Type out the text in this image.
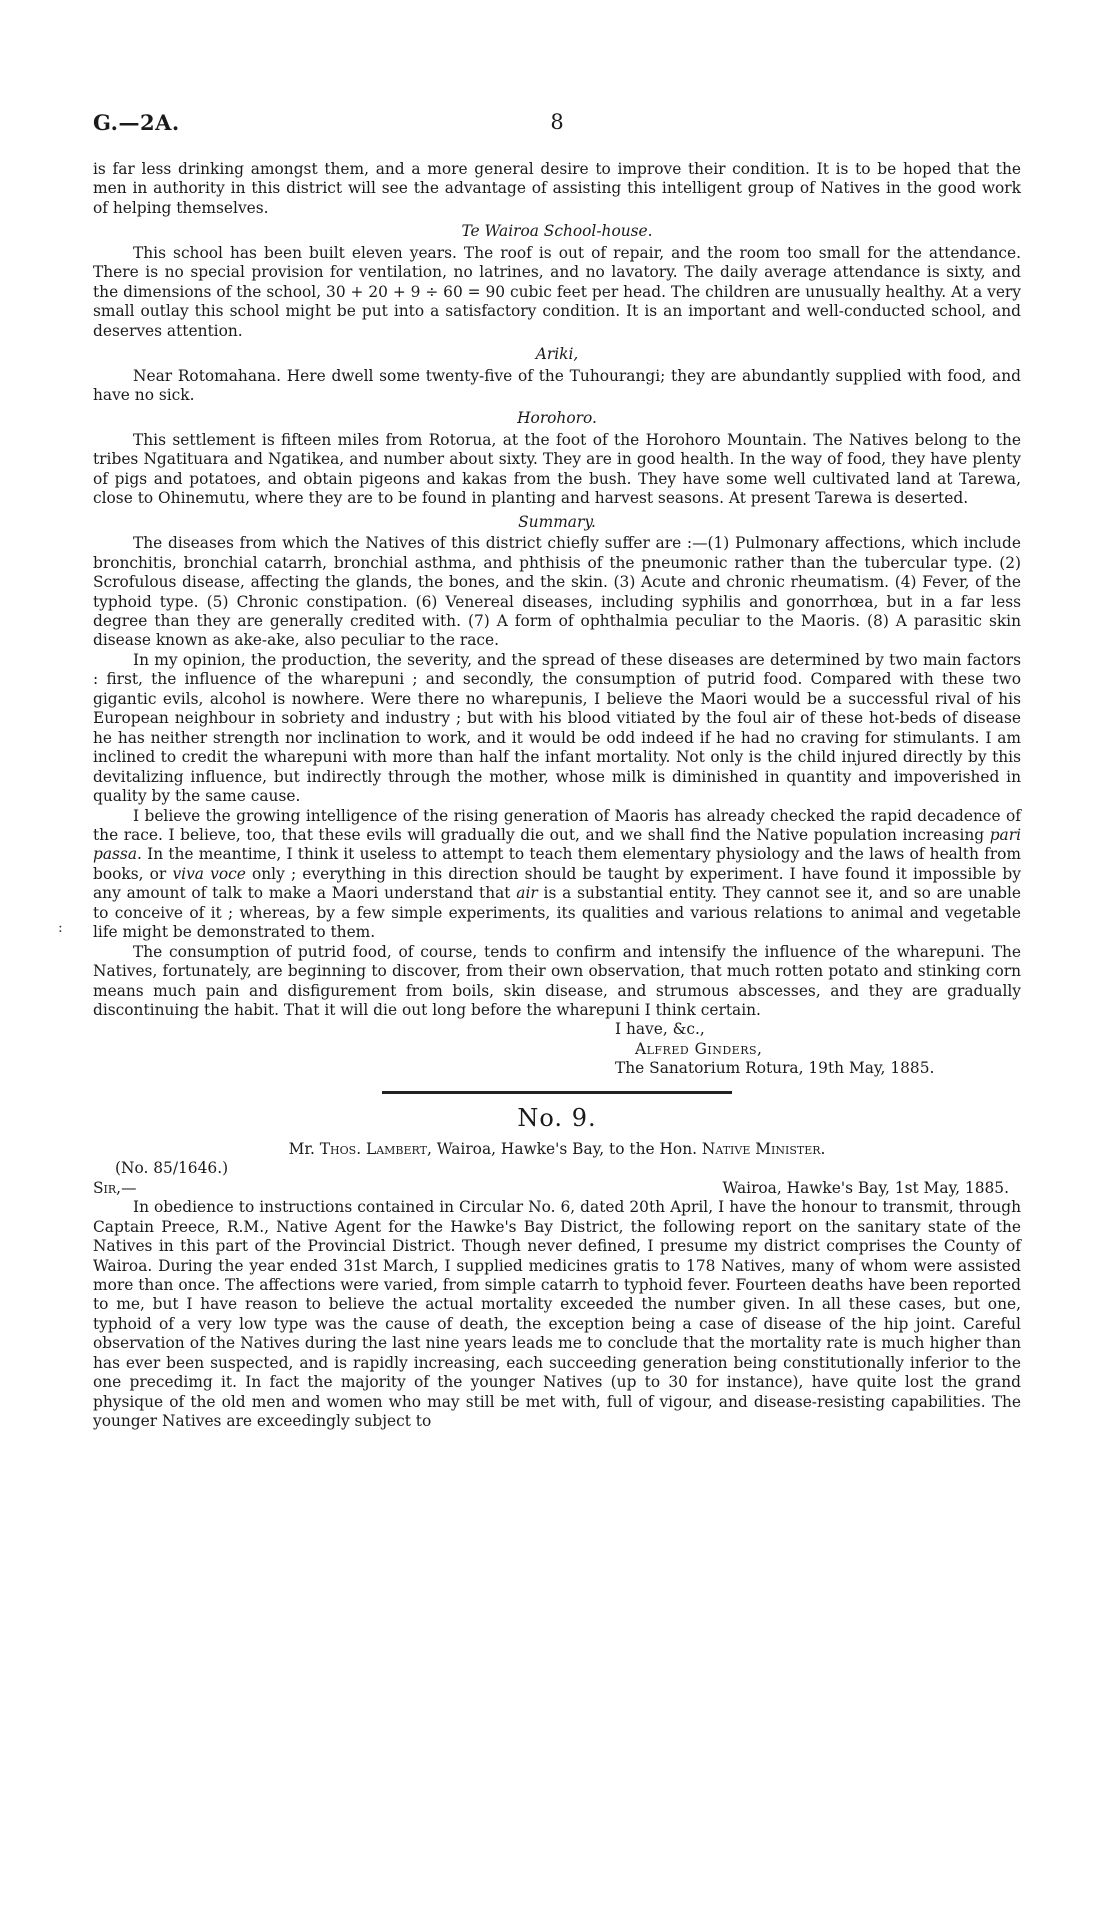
G.—2A.	8
:

is far less drinking amongst them, and a more general desire to improve their condition. It is to be hoped that the men in authority in this district will see the advantage of assisting this intelligent group of Natives in the good work of helping themselves.

Te Wairoa School-house.

This school has been built eleven years. The roof is out of repair, and the room too small for the attendance. There is no special provision for ventilation, no latrines, and no lavatory. The daily average attendance is sixty, and the dimensions of the school, 30 + 20 + 9 ÷ 60 = 90 cubic feet per head. The children are unusually healthy. At a very small outlay this school might be put into a satisfactory condition. It is an important and well-conducted school, and deserves attention.

Ariki,

Near Rotomahana. Here dwell some twenty-five of the Tuhourangi; they are abundantly supplied with food, and have no sick.

Horohoro.

This settlement is fifteen miles from Rotorua, at the foot of the Horohoro Mountain. The Natives belong to the tribes Ngatituara and Ngatikea, and number about sixty. They are in good health. In the way of food, they have plenty of pigs and potatoes, and obtain pigeons and kakas from the bush. They have some well cultivated land at Tarewa, close to Ohinemutu, where they are to be found in planting and harvest seasons. At present Tarewa is deserted.

Summary.

The diseases from which the Natives of this district chiefly suffer are :—(1) Pulmonary affections, which include bronchitis, bronchial catarrh, bronchial asthma, and phthisis of the pneumonic rather than the tubercular type. (2) Scrofulous disease, affecting the glands, the bones, and the skin. (3) Acute and chronic rheumatism. (4) Fever, of the typhoid type. (5) Chronic constipation. (6) Venereal diseases, including syphilis and gonorrhœa, but in a far less degree than they are generally credited with. (7) A form of ophthalmia peculiar to the Maoris. (8) A parasitic skin disease known as ake-ake, also peculiar to the race.

In my opinion, the production, the severity, and the spread of these diseases are determined by two main factors : first, the influence of the wharepuni ; and secondly, the consumption of putrid food. Compared with these two gigantic evils, alcohol is nowhere. Were there no wharepunis, I believe the Maori would be a successful rival of his European neighbour in sobriety and industry ; but with his blood vitiated by the foul air of these hot-beds of disease he has neither strength nor inclination to work, and it would be odd indeed if he had no craving for stimulants. I am inclined to credit the wharepuni with more than half the infant mortality. Not only is the child injured directly by this devitalizing influence, but indirectly through the mother, whose milk is diminished in quantity and impoverished in quality by the same cause.

I believe the growing intelligence of the rising generation of Maoris has already checked the rapid decadence of the race. I believe, too, that these evils will gradually die out, and we shall find the Native population increasing pari passa. In the meantime, I think it useless to attempt to teach them elementary physiology and the laws of health from books, or viva voce only ; everything in this direction should be taught by experiment. I have found it impossible by any amount of talk to make a Maori understand that air is a substantial entity. They cannot see it, and so are unable to conceive of it ; whereas, by a few simple experiments, its qualities and various relations to animal and vegetable life might be demonstrated to them.

The consumption of putrid food, of course, tends to confirm and intensify the influence of the wharepuni. The Natives, fortunately, are beginning to discover, from their own observation, that much rotten potato and stinking corn means much pain and disfigurement from boils, skin disease, and strumous abscesses, and they are gradually discontinuing the habit. That it will die out long before the wharepuni I think certain.

I have, &c.,
Alfred Ginders,
The Sanatorium Rotura, 19th May, 1885.
No. 9.
Mr. Thos. Lambert, Wairoa, Hawke's Bay, to the Hon. Native Minister.
(No. 85/1646.)
Sir,—	Wairoa, Hawke's Bay, 1st May, 1885.

In obedience to instructions contained in Circular No. 6, dated 20th April, I have the honour to transmit, through Captain Preece, R.M., Native Agent for the Hawke's Bay District, the following report on the sanitary state of the Natives in this part of the Provincial District. Though never defined, I presume my district comprises the County of Wairoa. During the year ended 31st March, I supplied medicines gratis to 178 Natives, many of whom were assisted more than once. The affections were varied, from simple catarrh to typhoid fever. Fourteen deaths have been reported to me, but I have reason to believe the actual mortality exceeded the number given. In all these cases, but one, typhoid of a very low type was the cause of death, the exception being a case of disease of the hip joint. Careful observation of the Natives during the last nine years leads me to conclude that the mortality rate is much higher than has ever been suspected, and is rapidly increasing, each succeeding generation being constitutionally inferior to the one precedimg it. In fact the majority of the younger Natives (up to 30 for instance), have quite lost the grand physique of the old men and women who may still be met with, full of vigour, and disease-resisting capabilities. The younger Natives are exceedingly subject to
